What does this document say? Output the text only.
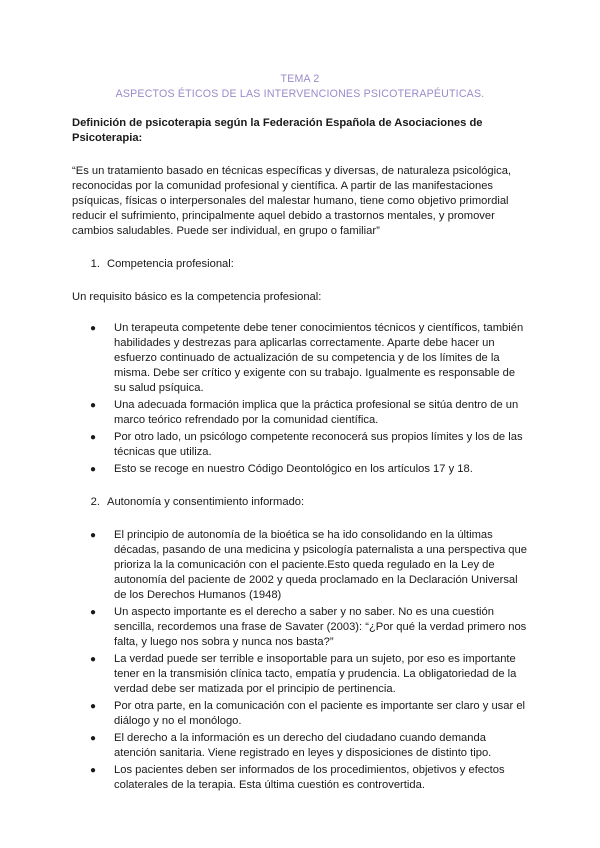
TEMA 2
ASPECTOS ÉTICOS DE LAS INTERVENCIONES PSICOTERAPÉUTICAS.
Definición de psicoterapia según la Federación Española de Asociaciones de Psicoterapia:
“Es un tratamiento basado en técnicas específicas y diversas, de naturaleza psicológica, reconocidas por la comunidad profesional y científica. A partir de las manifestaciones psíquicas, físicas o interpersonales del malestar humano, tiene como objetivo primordial reducir el sufrimiento, principalmente aquel debido a trastornos mentales, y promover cambios saludables. Puede ser individual, en grupo o familiar”
1. Competencia profesional:
Un requisito básico es la competencia profesional:
● Un terapeuta competente debe tener conocimientos técnicos y científicos, también habilidades y destrezas para aplicarlas correctamente. Aparte debe hacer un esfuerzo continuado de actualización de su competencia y de los límites de la misma. Debe ser crítico y exigente con su trabajo. Igualmente es responsable de su salud psíquica.
● Una adecuada formación implica que la práctica profesional se sitúa dentro de un marco teórico refrendado por la comunidad científica.
● Por otro lado, un psicólogo competente reconocerá sus propios límites y los de las técnicas que utiliza.
● Esto se recoge en nuestro Código Deontológico en los artículos 17 y 18.
2. Autonomía y consentimiento informado:
● El principio de autonomía de la bioética se ha ido consolidando en la últimas décadas, pasando de una medicina y psicología paternalista a una perspectiva que prioriza la la comunicación con el paciente.Esto queda regulado en la Ley de autonomía del paciente de 2002 y queda proclamado en la Declaración Universal de los Derechos Humanos (1948)
● Un aspecto importante es el derecho a saber y no saber. No es una cuestión sencilla, recordemos una frase de Savater (2003): “¿Por qué la verdad primero nos falta, y luego nos sobra y nunca nos basta?”
● La verdad puede ser terrible e insoportable para un sujeto, por eso es importante tener en la transmisión clínica tacto, empatía y prudencia. La obligatoriedad de la verdad debe ser matizada por el principio de pertinencia.
● Por otra parte, en la comunicación con el paciente es importante ser claro y usar el diálogo y no el monólogo.
● El derecho a la información es un derecho del ciudadano cuando demanda atención sanitaria. Viene registrado en leyes y disposiciones de distinto tipo.
● Los pacientes deben ser informados de los procedimientos, objetivos y efectos colaterales de la terapia. Esta última cuestión es controvertida.
